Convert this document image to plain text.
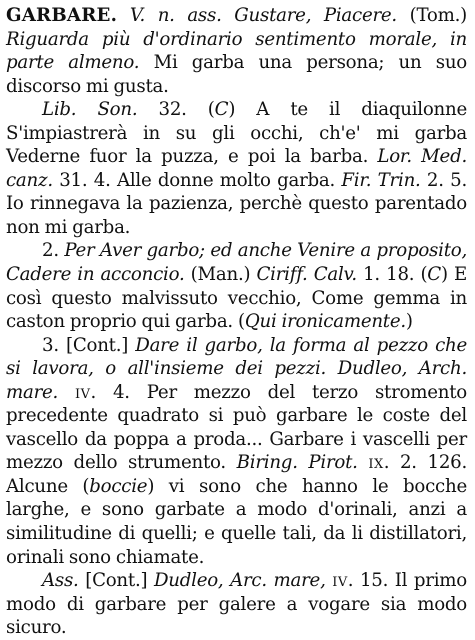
GARBARE. V. n. ass. Gustare, Piacere. (Tom.) Riguarda più d'ordinario sentimento morale, in parte almeno. Mi garba una persona; un suo discorso mi gusta.

Lib. Son. 32. (C) A te il diaquilonne S'impiastrerà in su gli occhi, ch'e' mi garba Vederne fuor la puzza, e poi la barba. Lor. Med. canz. 31. 4. Alle donne molto garba. Fir. Trin. 2. 5. Io rinnegava la pazienza, perchè questo parentado non mi garba.

2. Per Aver garbo; ed anche Venire a proposito, Cadere in acconcio. (Man.) Ciriff. Calv. 1. 18. (C) E così questo malvissuto vecchio, Come gemma in caston proprio qui garba. (Qui ironicamente.)

3. [Cont.] Dare il garbo, la forma al pezzo che si lavora, o all'insieme dei pezzi. Dudleo, Arch. mare. iv. 4. Per mezzo del terzo stromento precedente quadrato si può garbare le coste del vascello da poppa a proda... Garbare i vascelli per mezzo dello strumento. Biring. Pirot. ix. 2. 126. Alcune (boccie) vi sono che hanno le bocche larghe, e sono garbate a modo d'orinali, anzi a similitudine di quelli; e quelle tali, da li distillatori, orinali sono chiamate.

Ass. [Cont.] Dudleo, Arc. mare, iv. 15. Il primo modo di garbare per galere a vogare sia modo sicuro.
